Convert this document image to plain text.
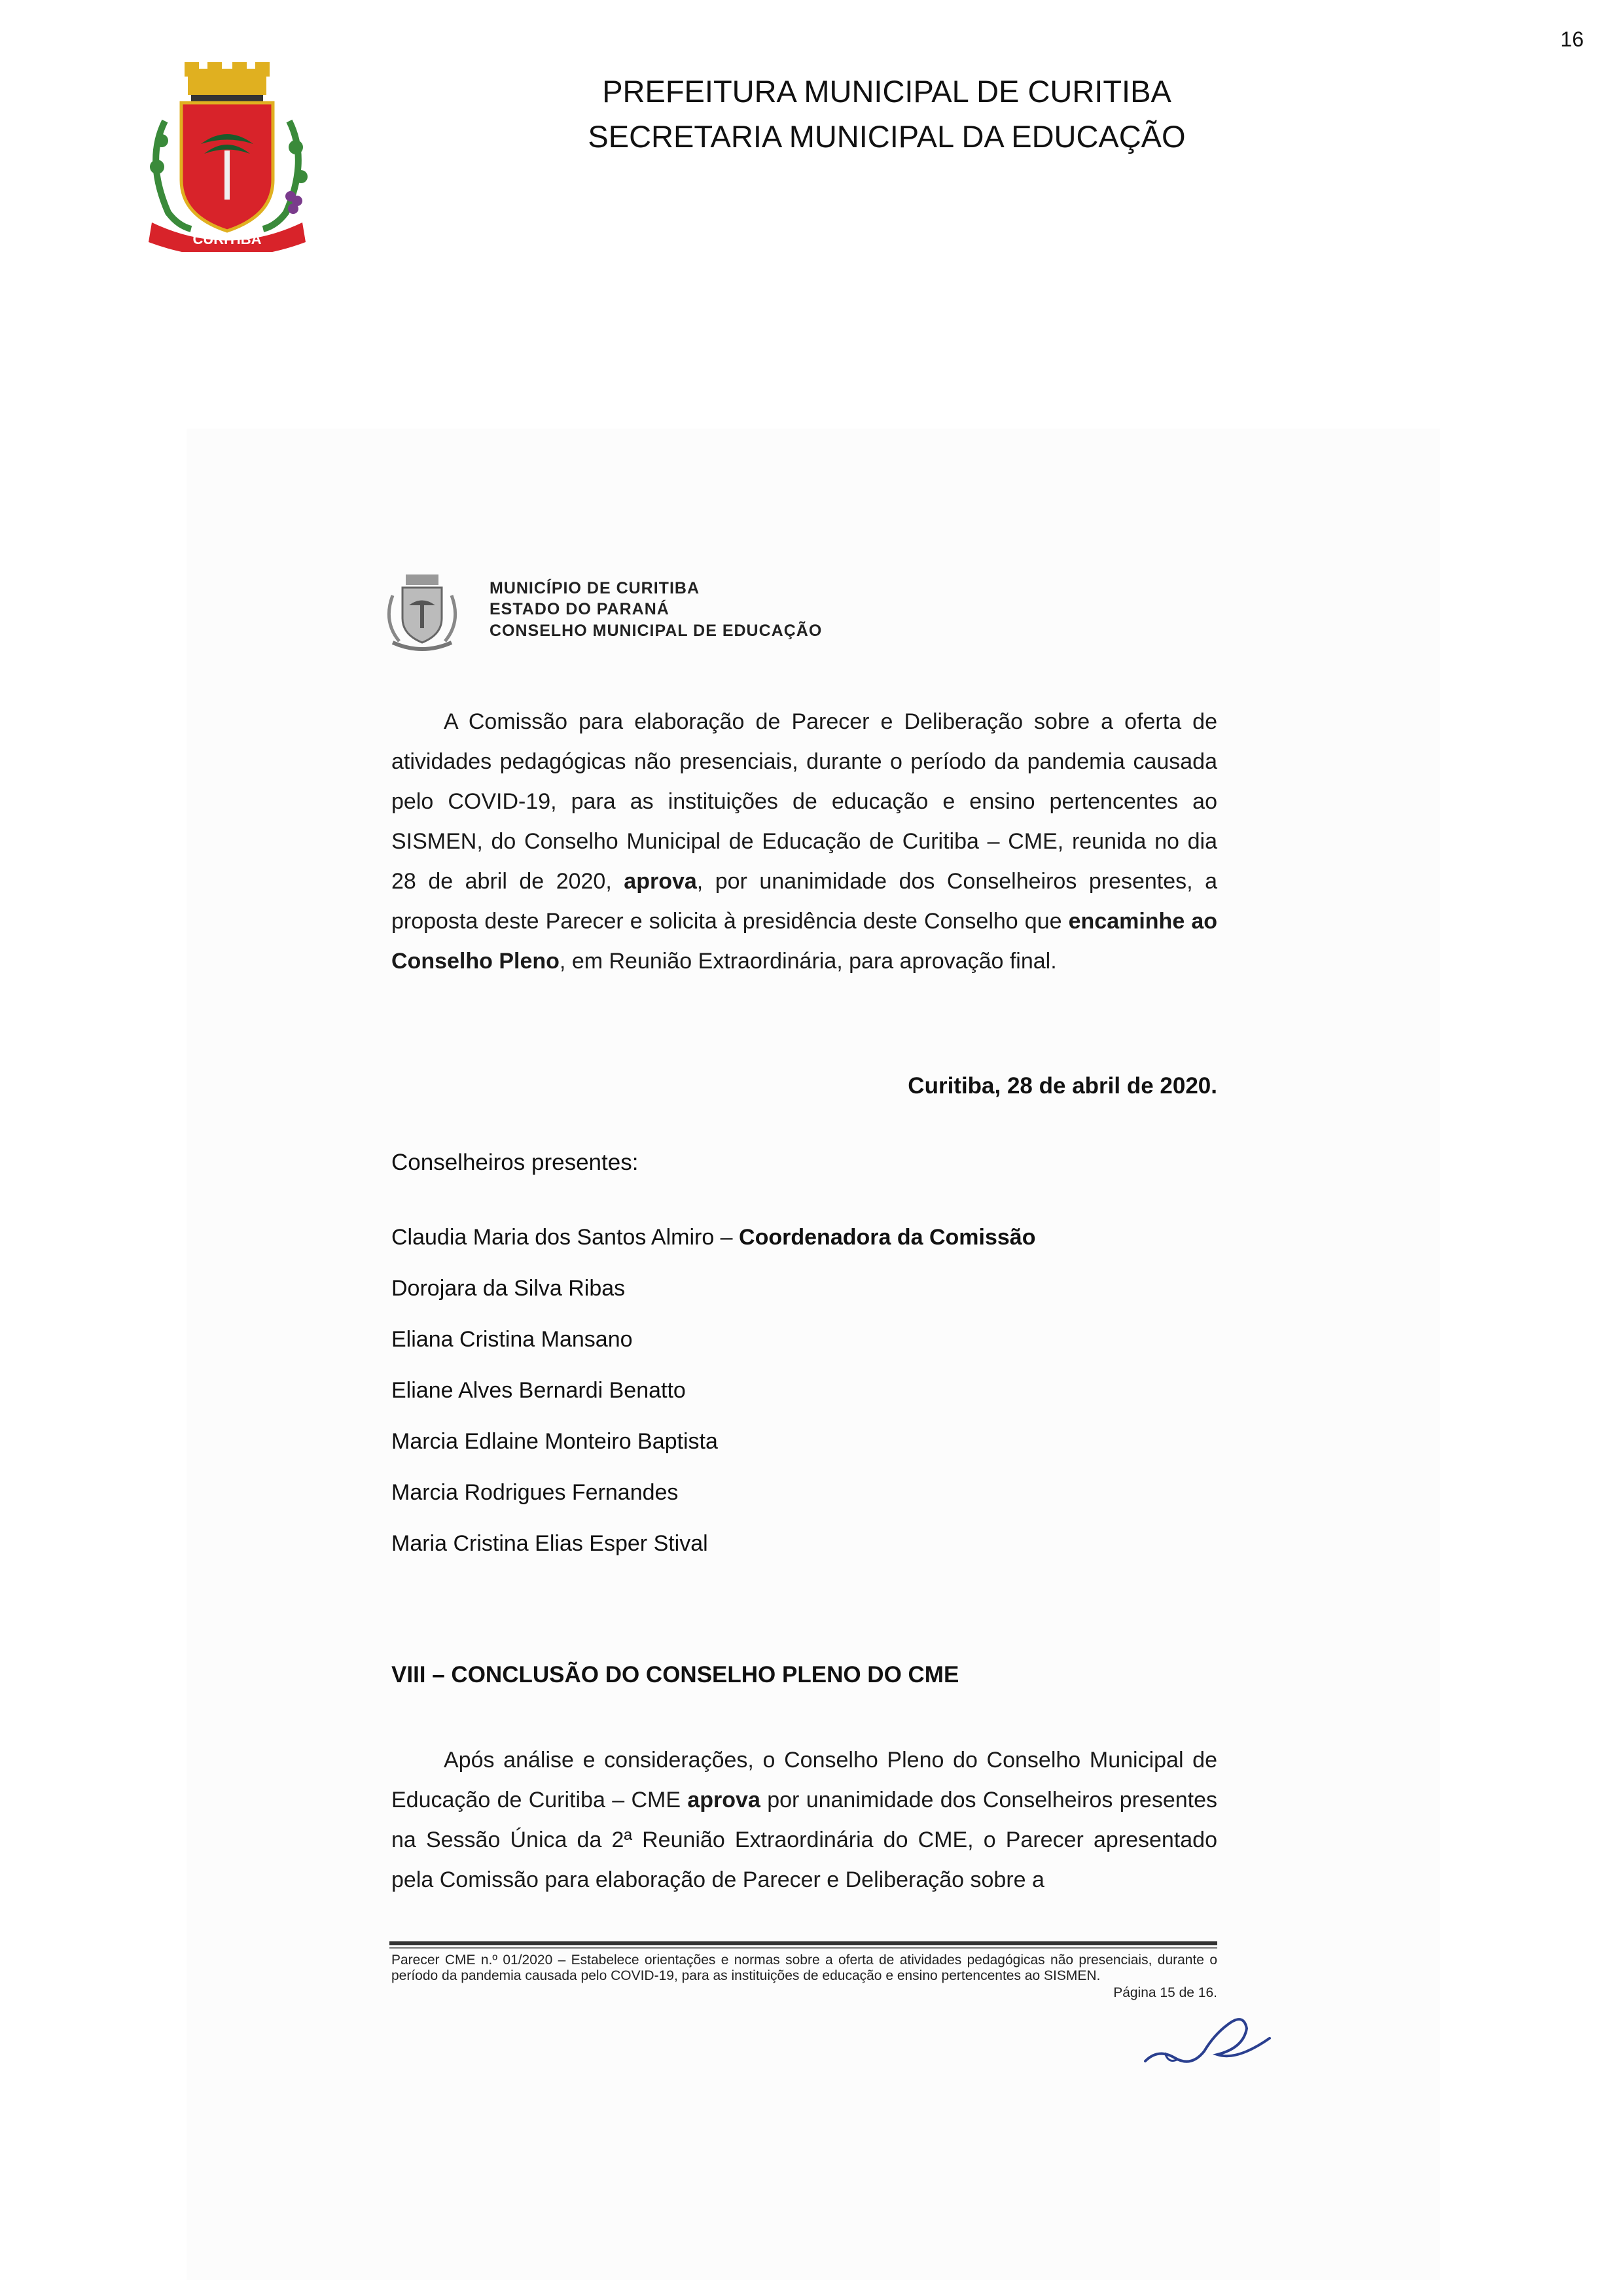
16
CURITIBA
PREFEITURA MUNICIPAL DE CURITIBA
SECRETARIA MUNICIPAL DA EDUCAÇÃO
MUNICÍPIO DE CURITIBA
ESTADO DO PARANÁ
CONSELHO MUNICIPAL DE EDUCAÇÃO
A Comissão para elaboração de Parecer e Deliberação sobre a oferta de atividades pedagógicas não presenciais, durante o período da pandemia causada pelo COVID-19, para as instituições de educação e ensino pertencentes ao SISMEN, do Conselho Municipal de Educação de Curitiba – CME, reunida no dia 28 de abril de 2020, aprova, por unanimidade dos Conselheiros presentes, a proposta deste Parecer e solicita à presidência deste Conselho que encaminhe ao Conselho Pleno, em Reunião Extraordinária, para aprovação final.
Curitiba, 28 de abril de 2020.
Conselheiros presentes:
Claudia Maria dos Santos Almiro – Coordenadora da Comissão
Dorojara da Silva Ribas
Eliana Cristina Mansano
Eliane Alves Bernardi Benatto
Marcia Edlaine Monteiro Baptista
Marcia Rodrigues Fernandes
Maria Cristina Elias Esper Stival
VIII – CONCLUSÃO DO CONSELHO PLENO DO CME
Após análise e considerações, o Conselho Pleno do Conselho Municipal de Educação de Curitiba – CME aprova por unanimidade dos Conselheiros presentes na Sessão Única da 2ª Reunião Extraordinária do CME, o Parecer apresentado pela Comissão para elaboração de Parecer e Deliberação sobre a
Parecer CME n.º 01/2020 – Estabelece orientações e normas sobre a oferta de atividades pedagógicas não presenciais, durante o período da pandemia causada pelo COVID-19, para as instituições de educação e ensino pertencentes ao SISMEN.
Página 15 de 16.
